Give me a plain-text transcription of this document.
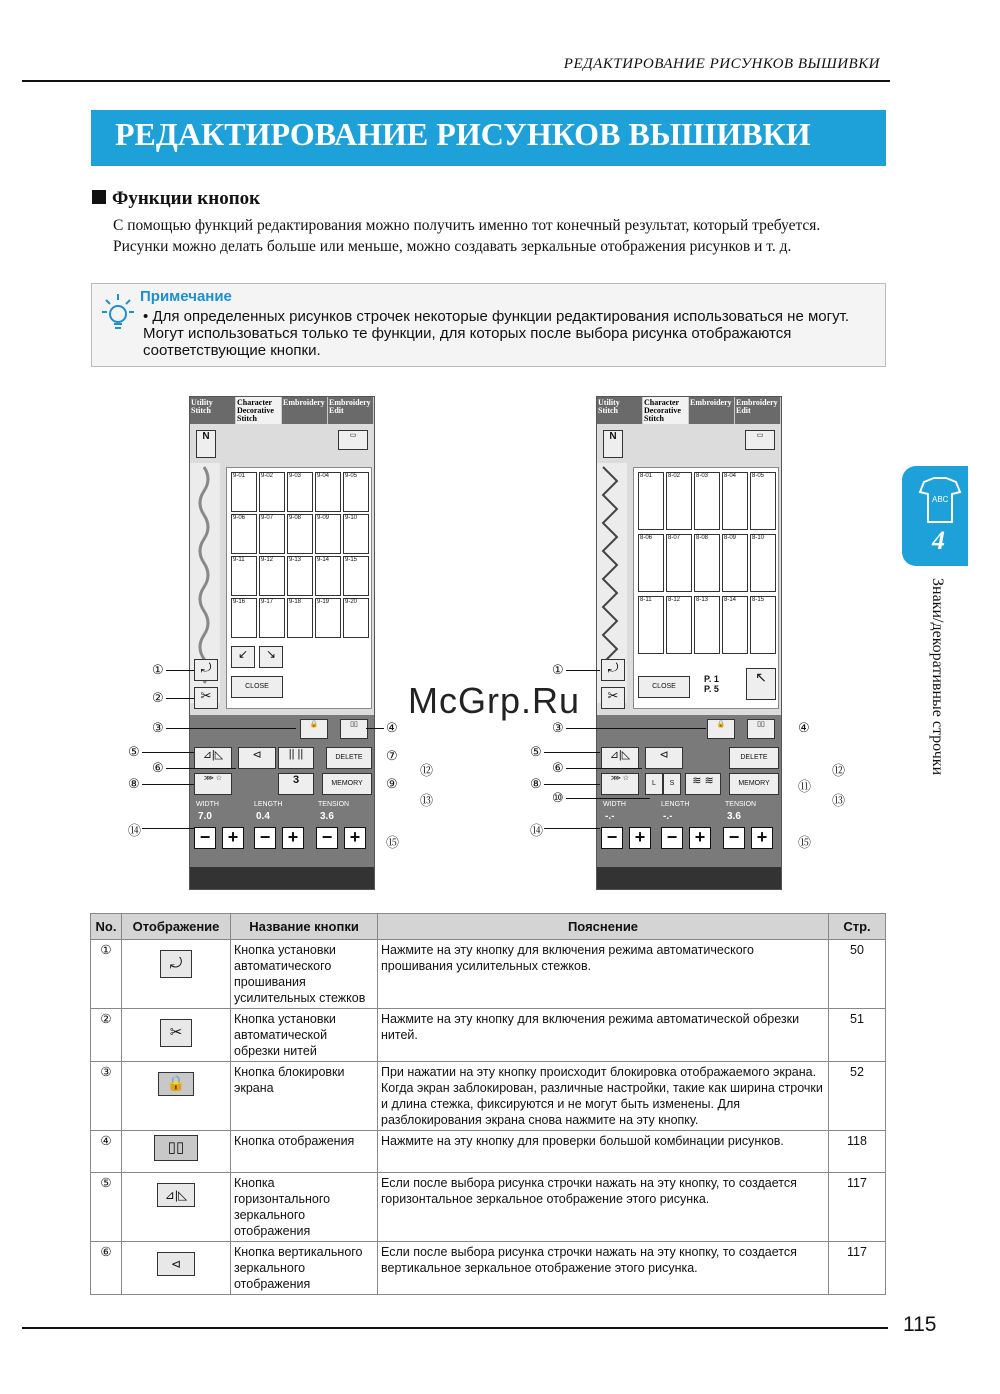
РЕДАКТИРОВАНИЕ РИСУНКОВ ВЫШИВКИ
РЕДАКТИРОВАНИЕ РИСУНКОВ ВЫШИВКИ
Функции кнопок
С помощью функций редактирования можно получить именно тот конечный результат, который требуется. Рисунки можно делать больше или меньше, можно создавать зеркальные отображения рисунков и т. д.
Примечание
• Для определенных рисунков строчек некоторые функции редактирования использоваться не могут. Могут использоваться только те функции, для которых после выбора рисунка отображаются соответствующие кнопки.
Utility Stitch
Character Decorative Stitch
Embroidery Embroidery Edit
N	▭
9-01	9-02	9-03	9-04	9-05
9-06	9-07	9-08	9-09	9-10
9-11	9-12	9-13	9-14	9-15
9-16	9-17	9-18	9-19	9-20
↙	↘
CLOSE
⤾
✂
🔒	▯▯
⊿|◺	⊲	|| ||	DELETE
⋙ ☆	3	MEMORY
WIDTH
7.0
LENGTH
0.4
TENSION
3.6
− +	− +	− +
Utility Stitch
Character Decorative Stitch
Embroidery Embroidery Edit
N	▭
8-01	8-02	8-03	8-04	8-05
8-06	8-07	8-08	8-09	8-10
8-11	8-12	8-13	8-14	8-15
CLOSE
P. 1
P. 5
↖
⤾
✂
🔒	▯▯
⊿|◺	⊲	DELETE
⋙ ☆
L	S	≋ ≋	MEMORY
WIDTH
-.-
LENGTH
-.-
TENSION
3.6
− +	− +	− +
①
②
③	④
⑤
⑥
⑦
⑧	⑨
⑫
⑬
⑭
⑮
①
③	④
⑤
⑥	⑫
⑧	⑪
⑩	⑬
⑭
⑮
McGrp.Ru
ABC
4
Знаки/декоративные строчки
No.	Отображение	Название кнопки	Пояснение	Стр.
①	⤾	Кнопка установки автоматического прошивания усилительных стежков	Нажмите на эту кнопку для включения режима автоматического прошивания усилительных стежков.	50
②	✂	Кнопка установки автоматической обрезки нитей	Нажмите на эту кнопку для включения режима автоматической обрезки нитей.	51
③	🔒	Кнопка блокировки экрана	При нажатии на эту кнопку происходит блокировка отображаемого экрана. Когда экран заблокирован, различные настройки, такие как ширина строчки и длина стежка, фиксируются и не могут быть изменены. Для разблокирования экрана снова нажмите на эту кнопку.	52
④	▯▯	Кнопка отображения	Нажмите на эту кнопку для проверки большой комбинации рисунков.	118
⑤	⊿|◺	Кнопка горизонтального зеркального отображения	Если после выбора рисунка строчки нажать на эту кнопку, то создается горизонтальное зеркальное отображение этого рисунка.	117
⑥	⊲	Кнопка вертикального зеркального отображения	Если после выбора рисунка строчки нажать на эту кнопку, то создается вертикальное зеркальное отображение этого рисунка.	117
115
